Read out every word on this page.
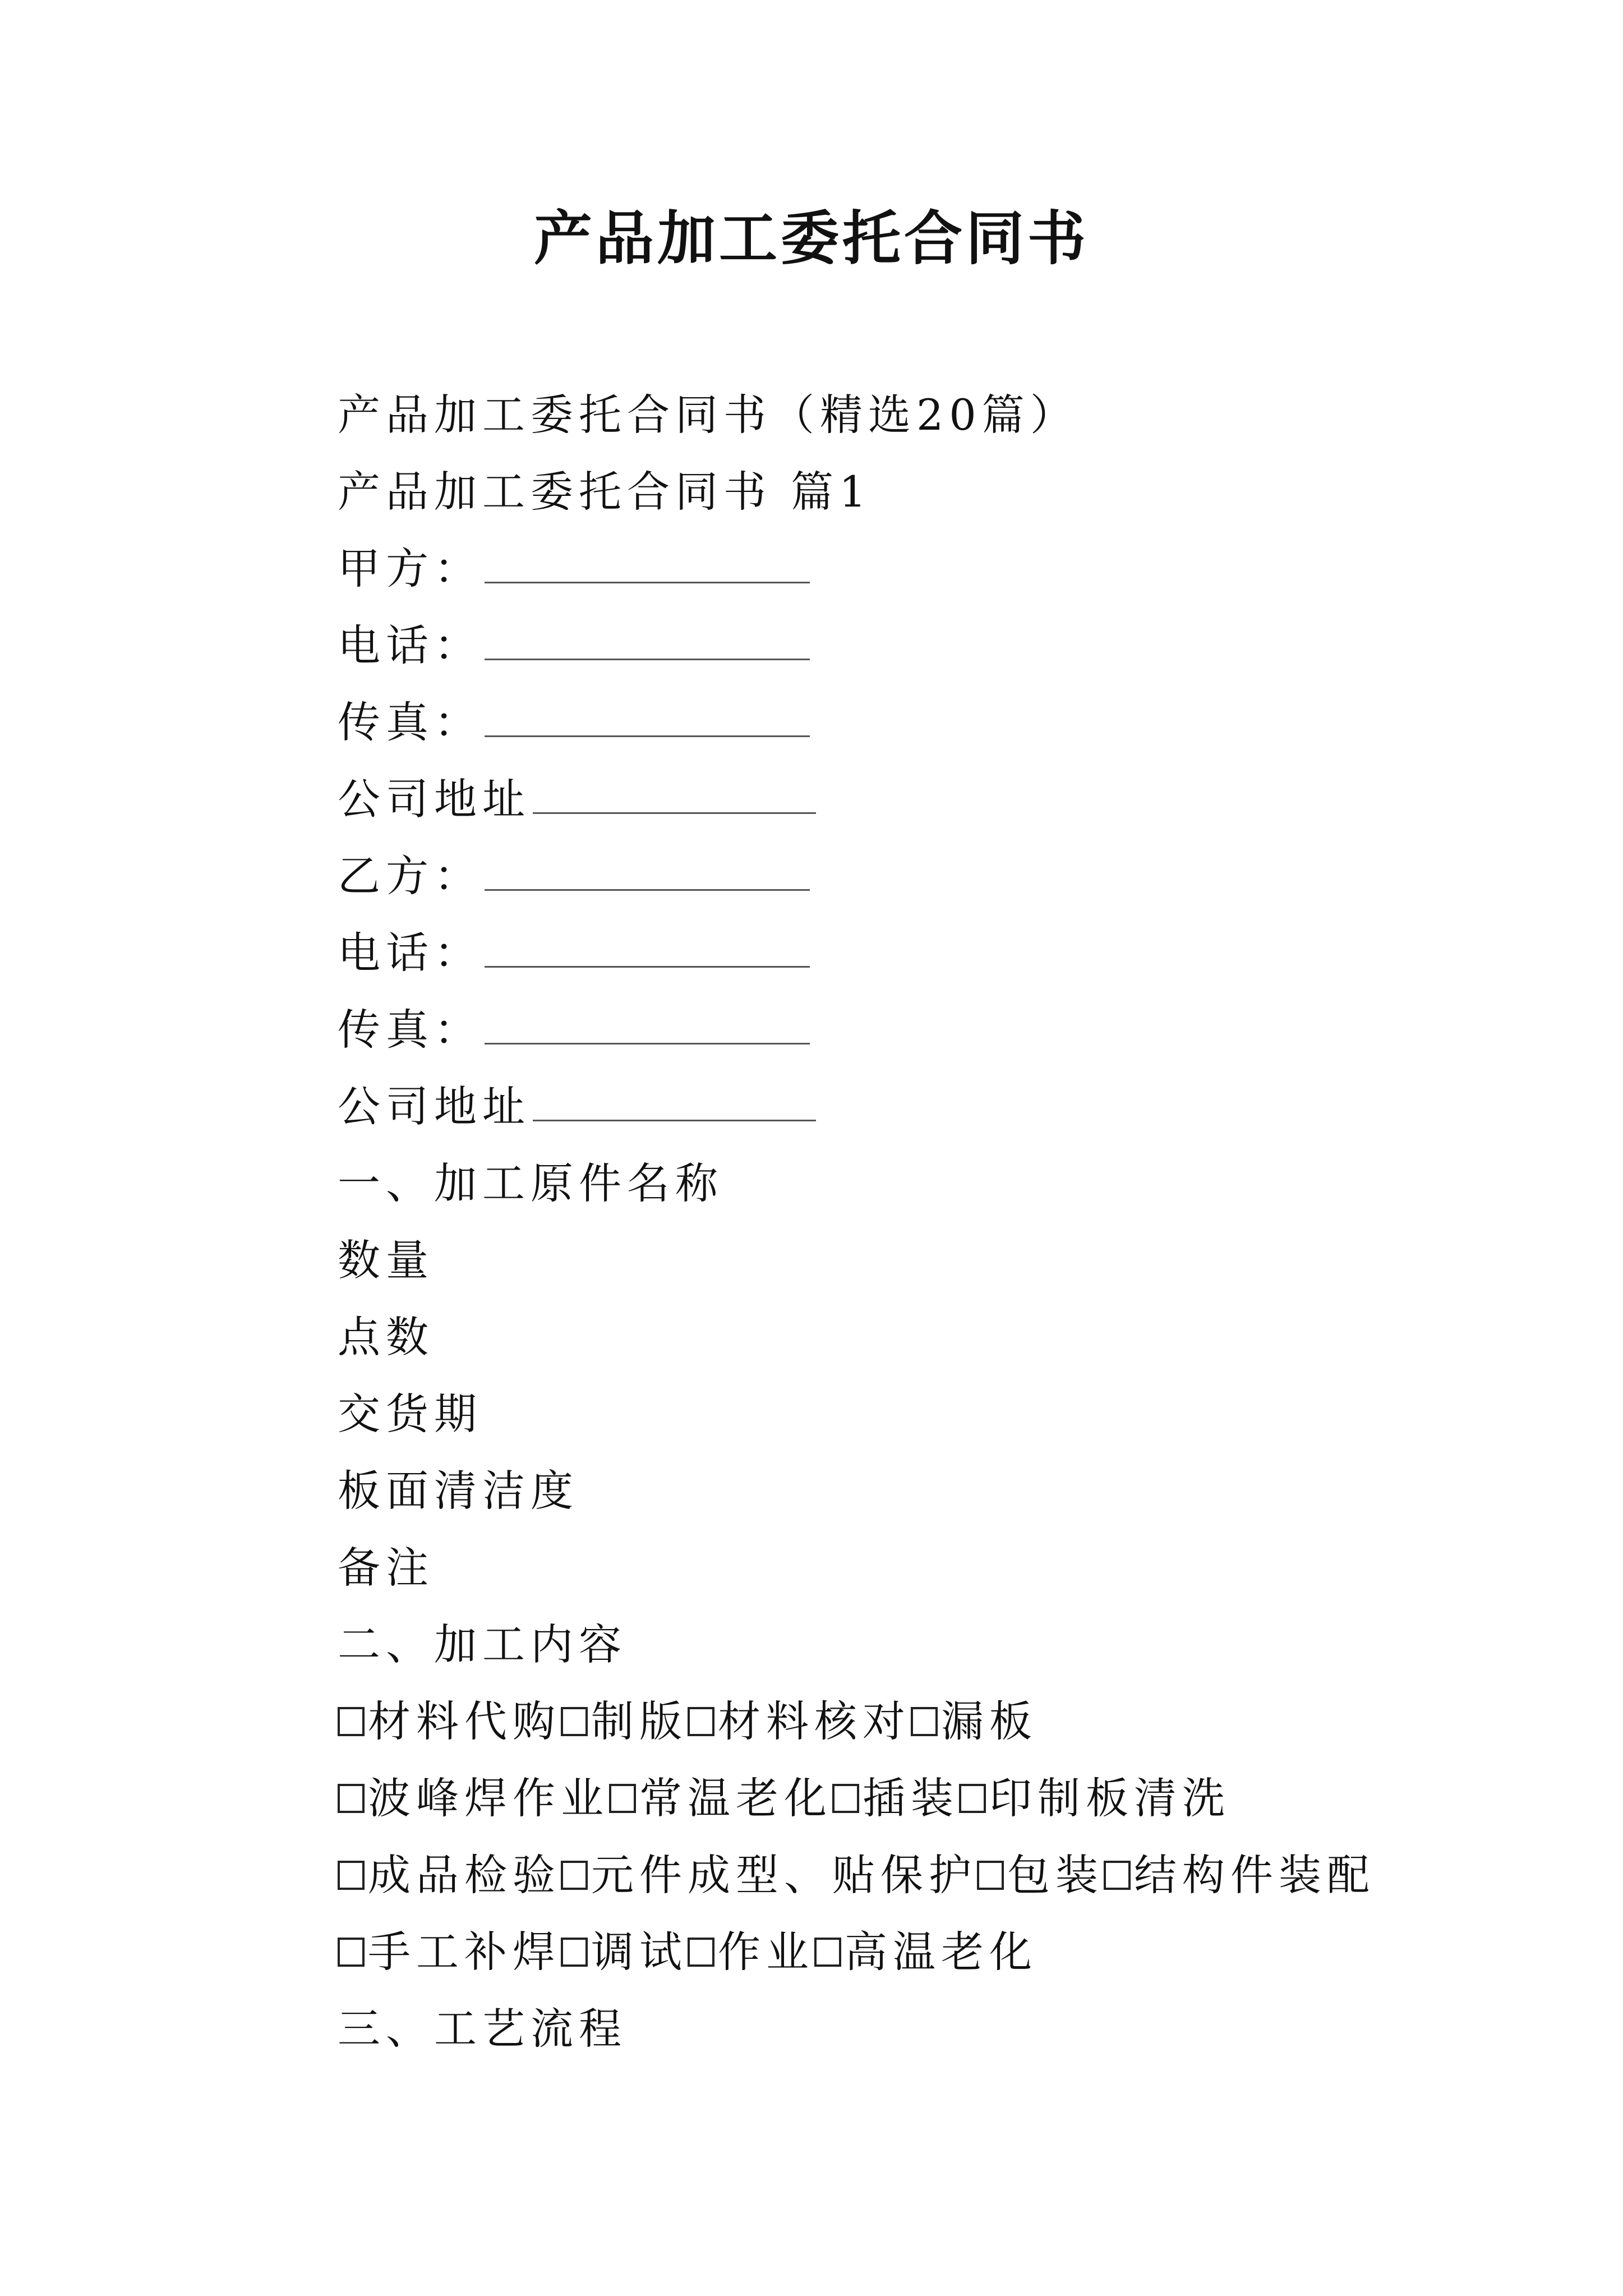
产品加工委托合同书
产品加工委托合同书（精选20篇）
产品加工委托合同书 篇1
甲方：
电话：
传真：
公司地址
乙方：
电话：
传真：
公司地址
一、加工原件名称
数量
点数
交货期
板面清洁度
备注
二、加工内容
材料代购 制版 材料核对 漏板
波峰焊作业 常温老化 插装 印制板清洗
成品检验 元件成型、贴保护 包装 结构件装配
手工补焊 调试 作业 高温老化
三、工艺流程
